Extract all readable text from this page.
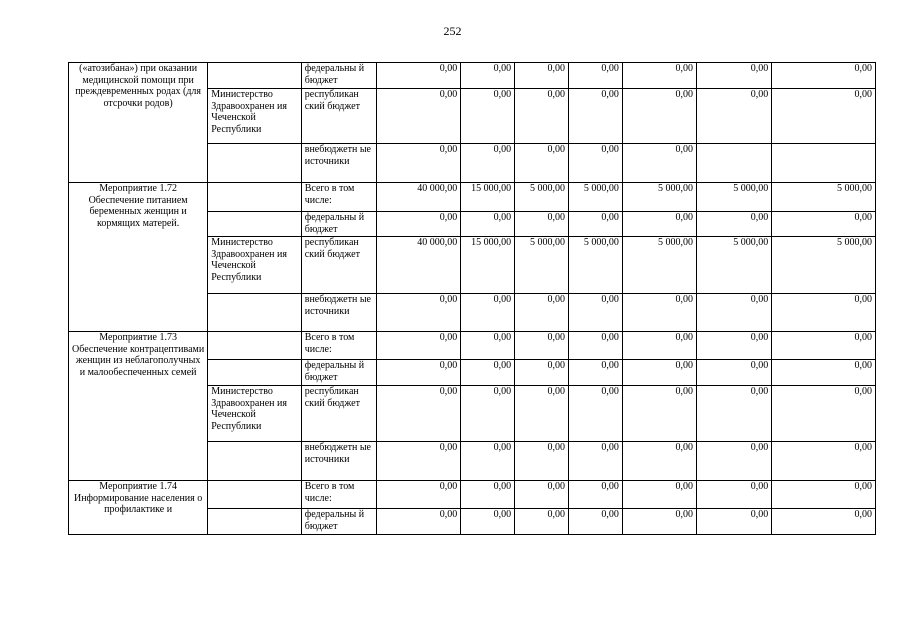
252
(«атозибана») при оказании медицинской помощи при преждевременных родах (для отсрочки родов)		федеральны й бюджет	0,00	0,00	0,00	0,00	0,00	0,00	0,00
	Министерство Здравоохранен ия Чеченской Республики	республикан ский бюджет	0,00	0,00	0,00	0,00	0,00	0,00	0,00
		внебюджетн ые источники	0,00	0,00	0,00	0,00	0,00		
Мероприятие 1.72 Обеспечение питанием беременных женщин и кормящих матерей.		Всего в том числе:	40 000,00	15 000,00	5 000,00	5 000,00	5 000,00	5 000,00	5 000,00
		федеральны й бюджет	0,00	0,00	0,00	0,00	0,00	0,00	0,00
	Министерство Здравоохранен ия Чеченской Республики	республикан ский бюджет	40 000,00	15 000,00	5 000,00	5 000,00	5 000,00	5 000,00	5 000,00
		внебюджетн ые источники	0,00	0,00	0,00	0,00	0,00	0,00	0,00
Мероприятие 1.73 Обеспечение контрацептивами женщин из неблагополучных и малообеспеченных семей		Всего в том числе:	0,00	0,00	0,00	0,00	0,00	0,00	0,00
		федеральны й бюджет	0,00	0,00	0,00	0,00	0,00	0,00	0,00
	Министерство Здравоохранен ия Чеченской Республики	республикан ский бюджет	0,00	0,00	0,00	0,00	0,00	0,00	0,00
		внебюджетн ые источники	0,00	0,00	0,00	0,00	0,00	0,00	0,00
Мероприятие 1.74 Информирование населения о профилактике и		Всего в том числе:	0,00	0,00	0,00	0,00	0,00	0,00	0,00
		федеральны й бюджет	0,00	0,00	0,00	0,00	0,00	0,00	0,00
